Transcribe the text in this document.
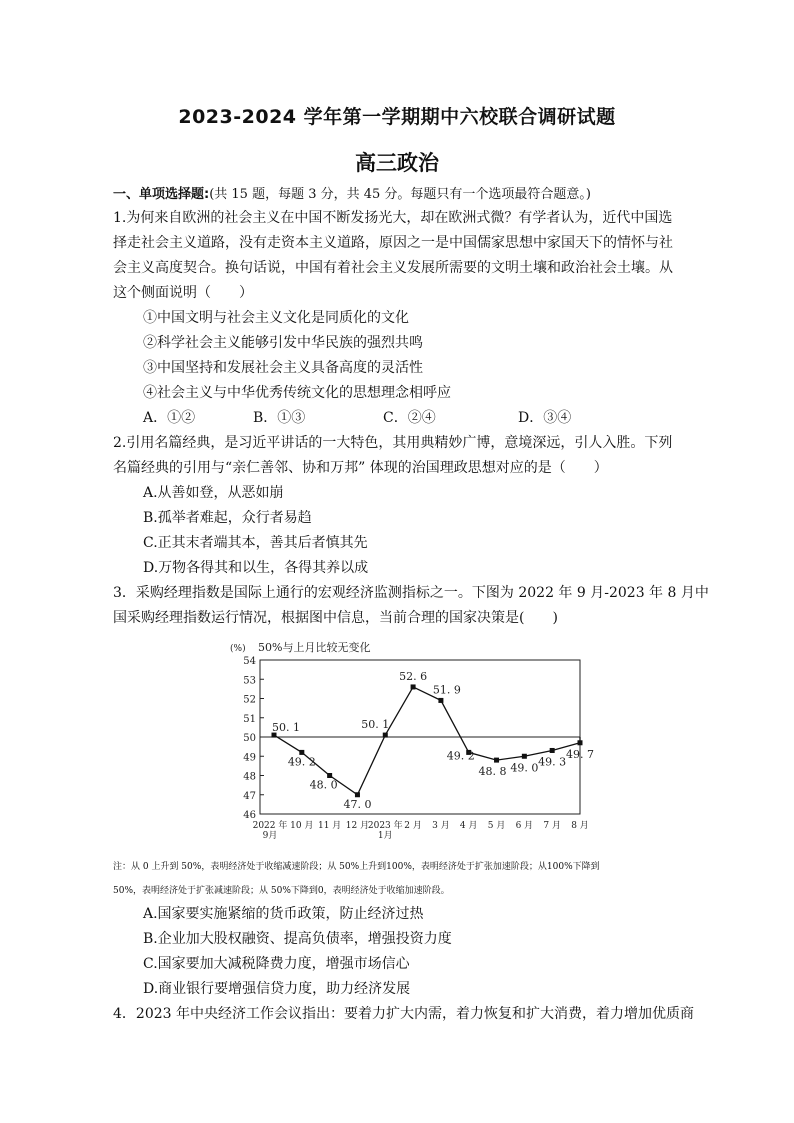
2023-2024 学年第一学期期中六校联合调研试题
高三政治
一、单项选择题:(共 15 题，每题 3 分，共 45 分。每题只有一个选项最符合题意。)
1.为何来自欧洲的社会主义在中国不断发扬光大，却在欧洲式微？有学者认为，近代中国选
择走社会主义道路，没有走资本主义道路，原因之一是中国儒家思想中家国天下的情怀与社
会主义高度契合。换句话说，中国有着社会主义发展所需要的文明土壤和政治社会土壤。从
这个侧面说明（　　）
①中国文明与社会主义文化是同质化的文化
②科学社会主义能够引发中华民族的强烈共鸣
③中国坚持和发展社会主义具备高度的灵活性
④社会主义与中华优秀传统文化的思想理念相呼应
A．①②	B．①③	C．②④	D．③④
2.引用名篇经典，是习近平讲话的一大特色，其用典精妙广博，意境深远，引人入胜。下列
名篇经典的引用与“亲仁善邻、协和万邦” 体现的治国理政思想对应的是（　　）
A.从善如登，从恶如崩
B.孤举者难起，众行者易趋
C.正其末者端其本，善其后者慎其先
D.万物各得其和以生，各得其养以成
3．采购经理指数是国际上通行的宏观经济监测指标之一。下图为 2022 年 9 月-2023 年 8 月中
国采购经理指数运行情况，根据图中信息，当前合理的国家决策是(　　)
(%) 50%与上月比较无变化
54
53
52
51
50
49
48
47
46
2022 年
9月
10 月 11 月 12 月
2023 年
1月
2 月 3 月 4 月 5 月 6 月 7 月 8 月
50. 1
49. 2
48. 0
47. 0
50. 1
52. 6
51. 9
49. 2
48. 8 49. 0 49. 3
49. 7
注：从 0 上升到 50%，表明经济处于收缩减速阶段；从 50%上升到100%，表明经济处于扩张加速阶段；从100%下降到
50%，表明经济处于扩张减速阶段；从 50%下降到0，表明经济处于收缩加速阶段。
A.国家要实施紧缩的货币政策，防止经济过热
B.企业加大股权融资、提高负债率，增强投资力度
C.国家要加大减税降费力度，增强市场信心
D.商业银行要增强信贷力度，助力经济发展
4．2023 年中央经济工作会议指出：要着力扩大内需，着力恢复和扩大消费，着力增加优质商
